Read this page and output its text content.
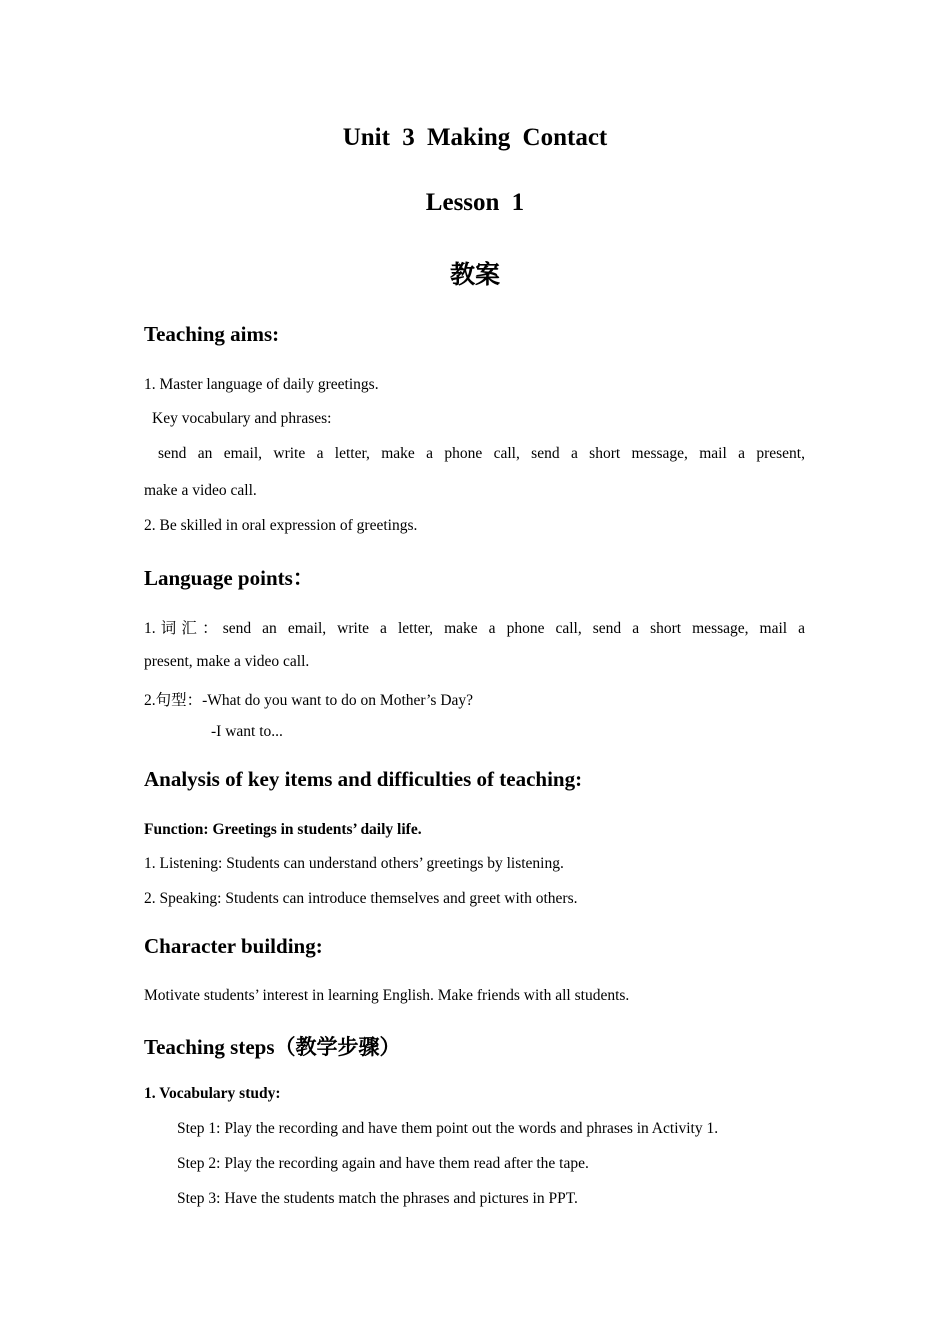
Unit 3 Making Contact
Lesson 1
教案
Teaching aims:
1. Master language of daily greetings.
Key vocabulary and phrases:
send an email, write a letter, make a phone call, send a short message, mail a present,
make a video call.
2. Be skilled in oral expression of greetings.
Language points：
1.词汇：send an email, write a letter, make a phone call, send a short message, mail a
present, make a video call.
2.句型：-What do you want to do on Mother’s Day?
-I want to...
Analysis of key items and difficulties of teaching:
Function: Greetings in students’ daily life.
1. Listening: Students can understand others’ greetings by listening.
2. Speaking: Students can introduce themselves and greet with others.
Character building:
Motivate students’ interest in learning English. Make friends with all students.
Teaching steps（教学步骤）
1. Vocabulary study:
Step 1: Play the recording and have them point out the words and phrases in Activity 1.
Step 2: Play the recording again and have them read after the tape.
Step 3: Have the students match the phrases and pictures in PPT.
